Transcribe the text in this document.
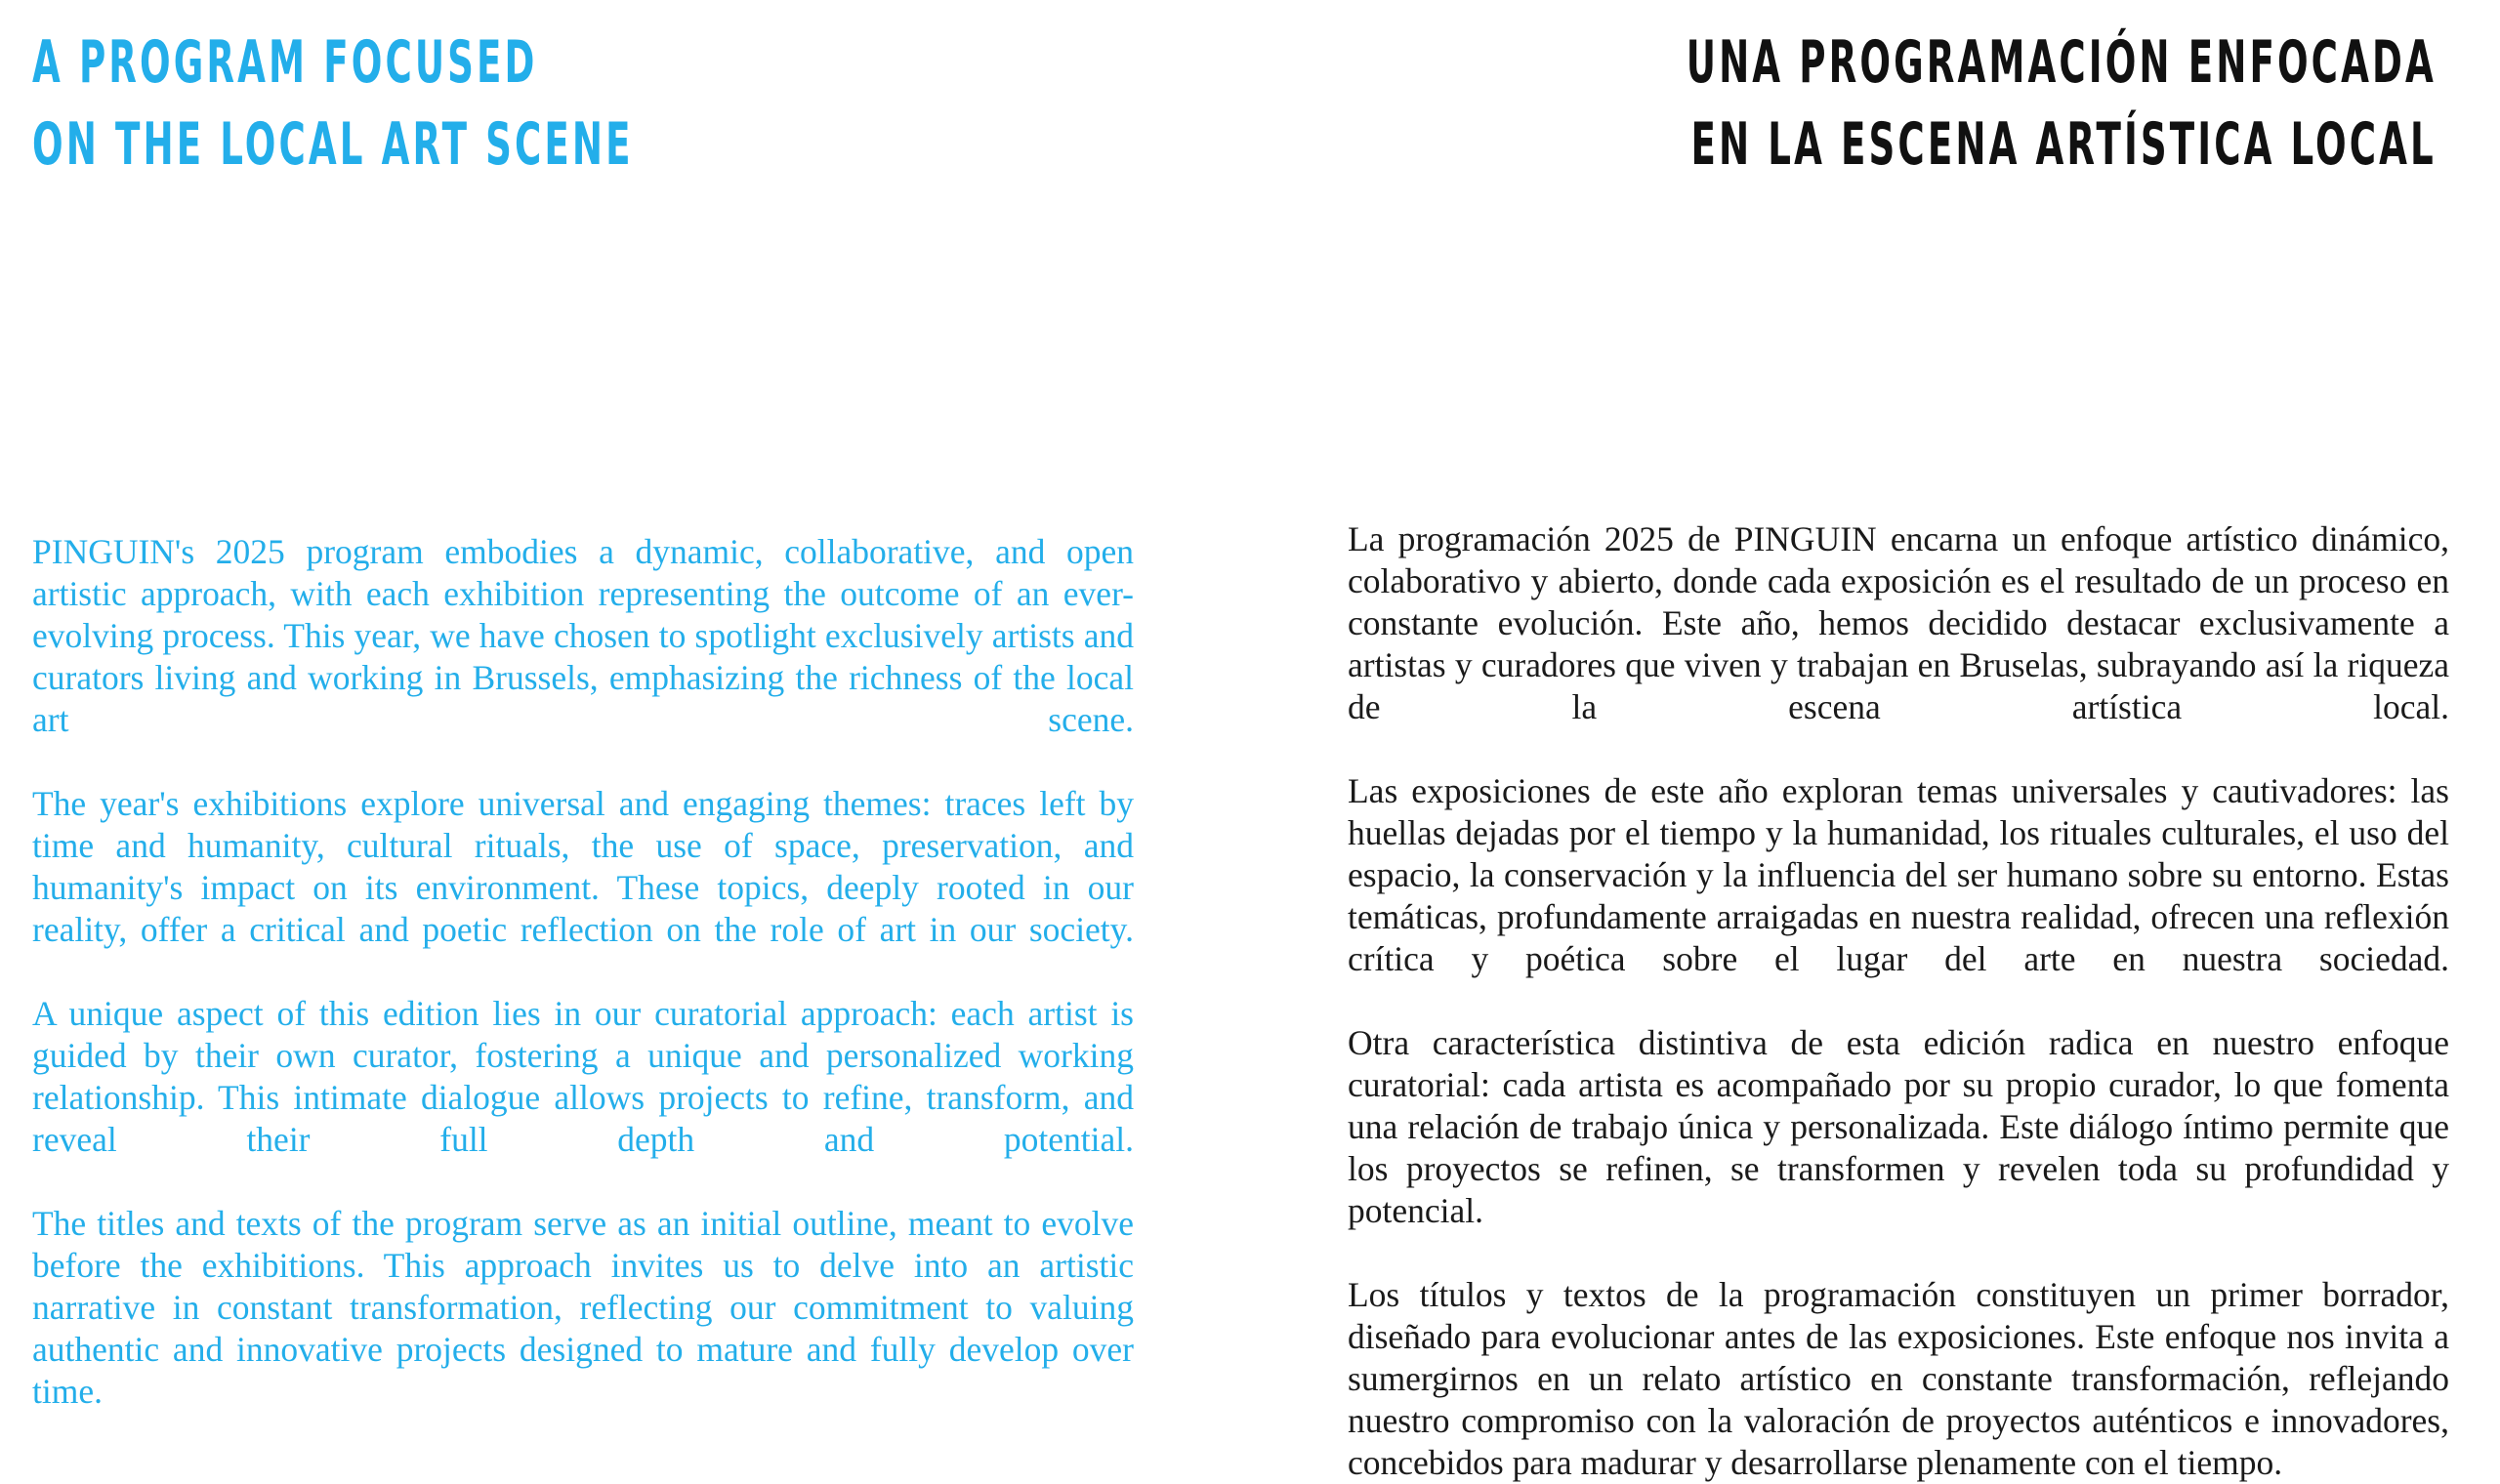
A PROGRAM FOCUSED
ON THE LOCAL ART SCENE
UNA PROGRAMACIÓN ENFOCADA
EN LA ESCENA ARTÍSTICA LOCAL

PINGUIN's 2025 program embodies a dynamic, collaborative, and open artistic approach, with each exhibition representing the outcome of an ever-evolving process. This year, we have chosen to spotlight exclusively artists and curators living and working in Brussels, emphasizing the richness of the local art scene.

The year's exhibitions explore universal and engaging themes: traces left by time and humanity, cultural rituals, the use of space, preservation, and humanity's impact on its environment. These topics, deeply rooted in our reality, offer a critical and poetic reflection on the role of art in our society.

A unique aspect of this edition lies in our curatorial approach: each artist is guided by their own curator, fostering a unique and personalized working relationship. This intimate dialogue allows projects to refine, transform, and reveal their full depth and potential.

The titles and texts of the program serve as an initial outline, meant to evolve before the exhibitions. This approach invites us to delve into an artistic narrative in constant transformation, reflecting our commitment to valuing authentic and innovative projects designed to mature and fully develop over time.

La programación 2025 de PINGUIN encarna un enfoque artístico dinámico, colaborativo y abierto, donde cada exposición es el resultado de un proceso en constante evolución. Este año, hemos decidido destacar exclusivamente a artistas y curadores que viven y trabajan en Bruselas, subrayando así la riqueza de la escena artística local.

Las exposiciones de este año exploran temas universales y cautivadores: las huellas dejadas por el tiempo y la humanidad, los rituales culturales, el uso del espacio, la conservación y la influencia del ser humano sobre su entorno. Estas temáticas, profundamente arraigadas en nuestra realidad, ofrecen una reflexión crítica y poética sobre el lugar del arte en nuestra sociedad.

Otra característica distintiva de esta edición radica en nuestro enfoque curatorial: cada artista es acompañado por su propio curador, lo que fomenta una relación de trabajo única y personalizada. Este diálogo íntimo permite que los proyectos se refinen, se transformen y revelen toda su profundidad y potencial.

Los títulos y textos de la programación constituyen un primer borrador, diseñado para evolucionar antes de las exposiciones. Este enfoque nos invita a sumergirnos en un relato artístico en constante transformación, reflejando nuestro compromiso con la valoración de proyectos auténticos e innovadores, concebidos para madurar y desarrollarse plenamente con el tiempo.
